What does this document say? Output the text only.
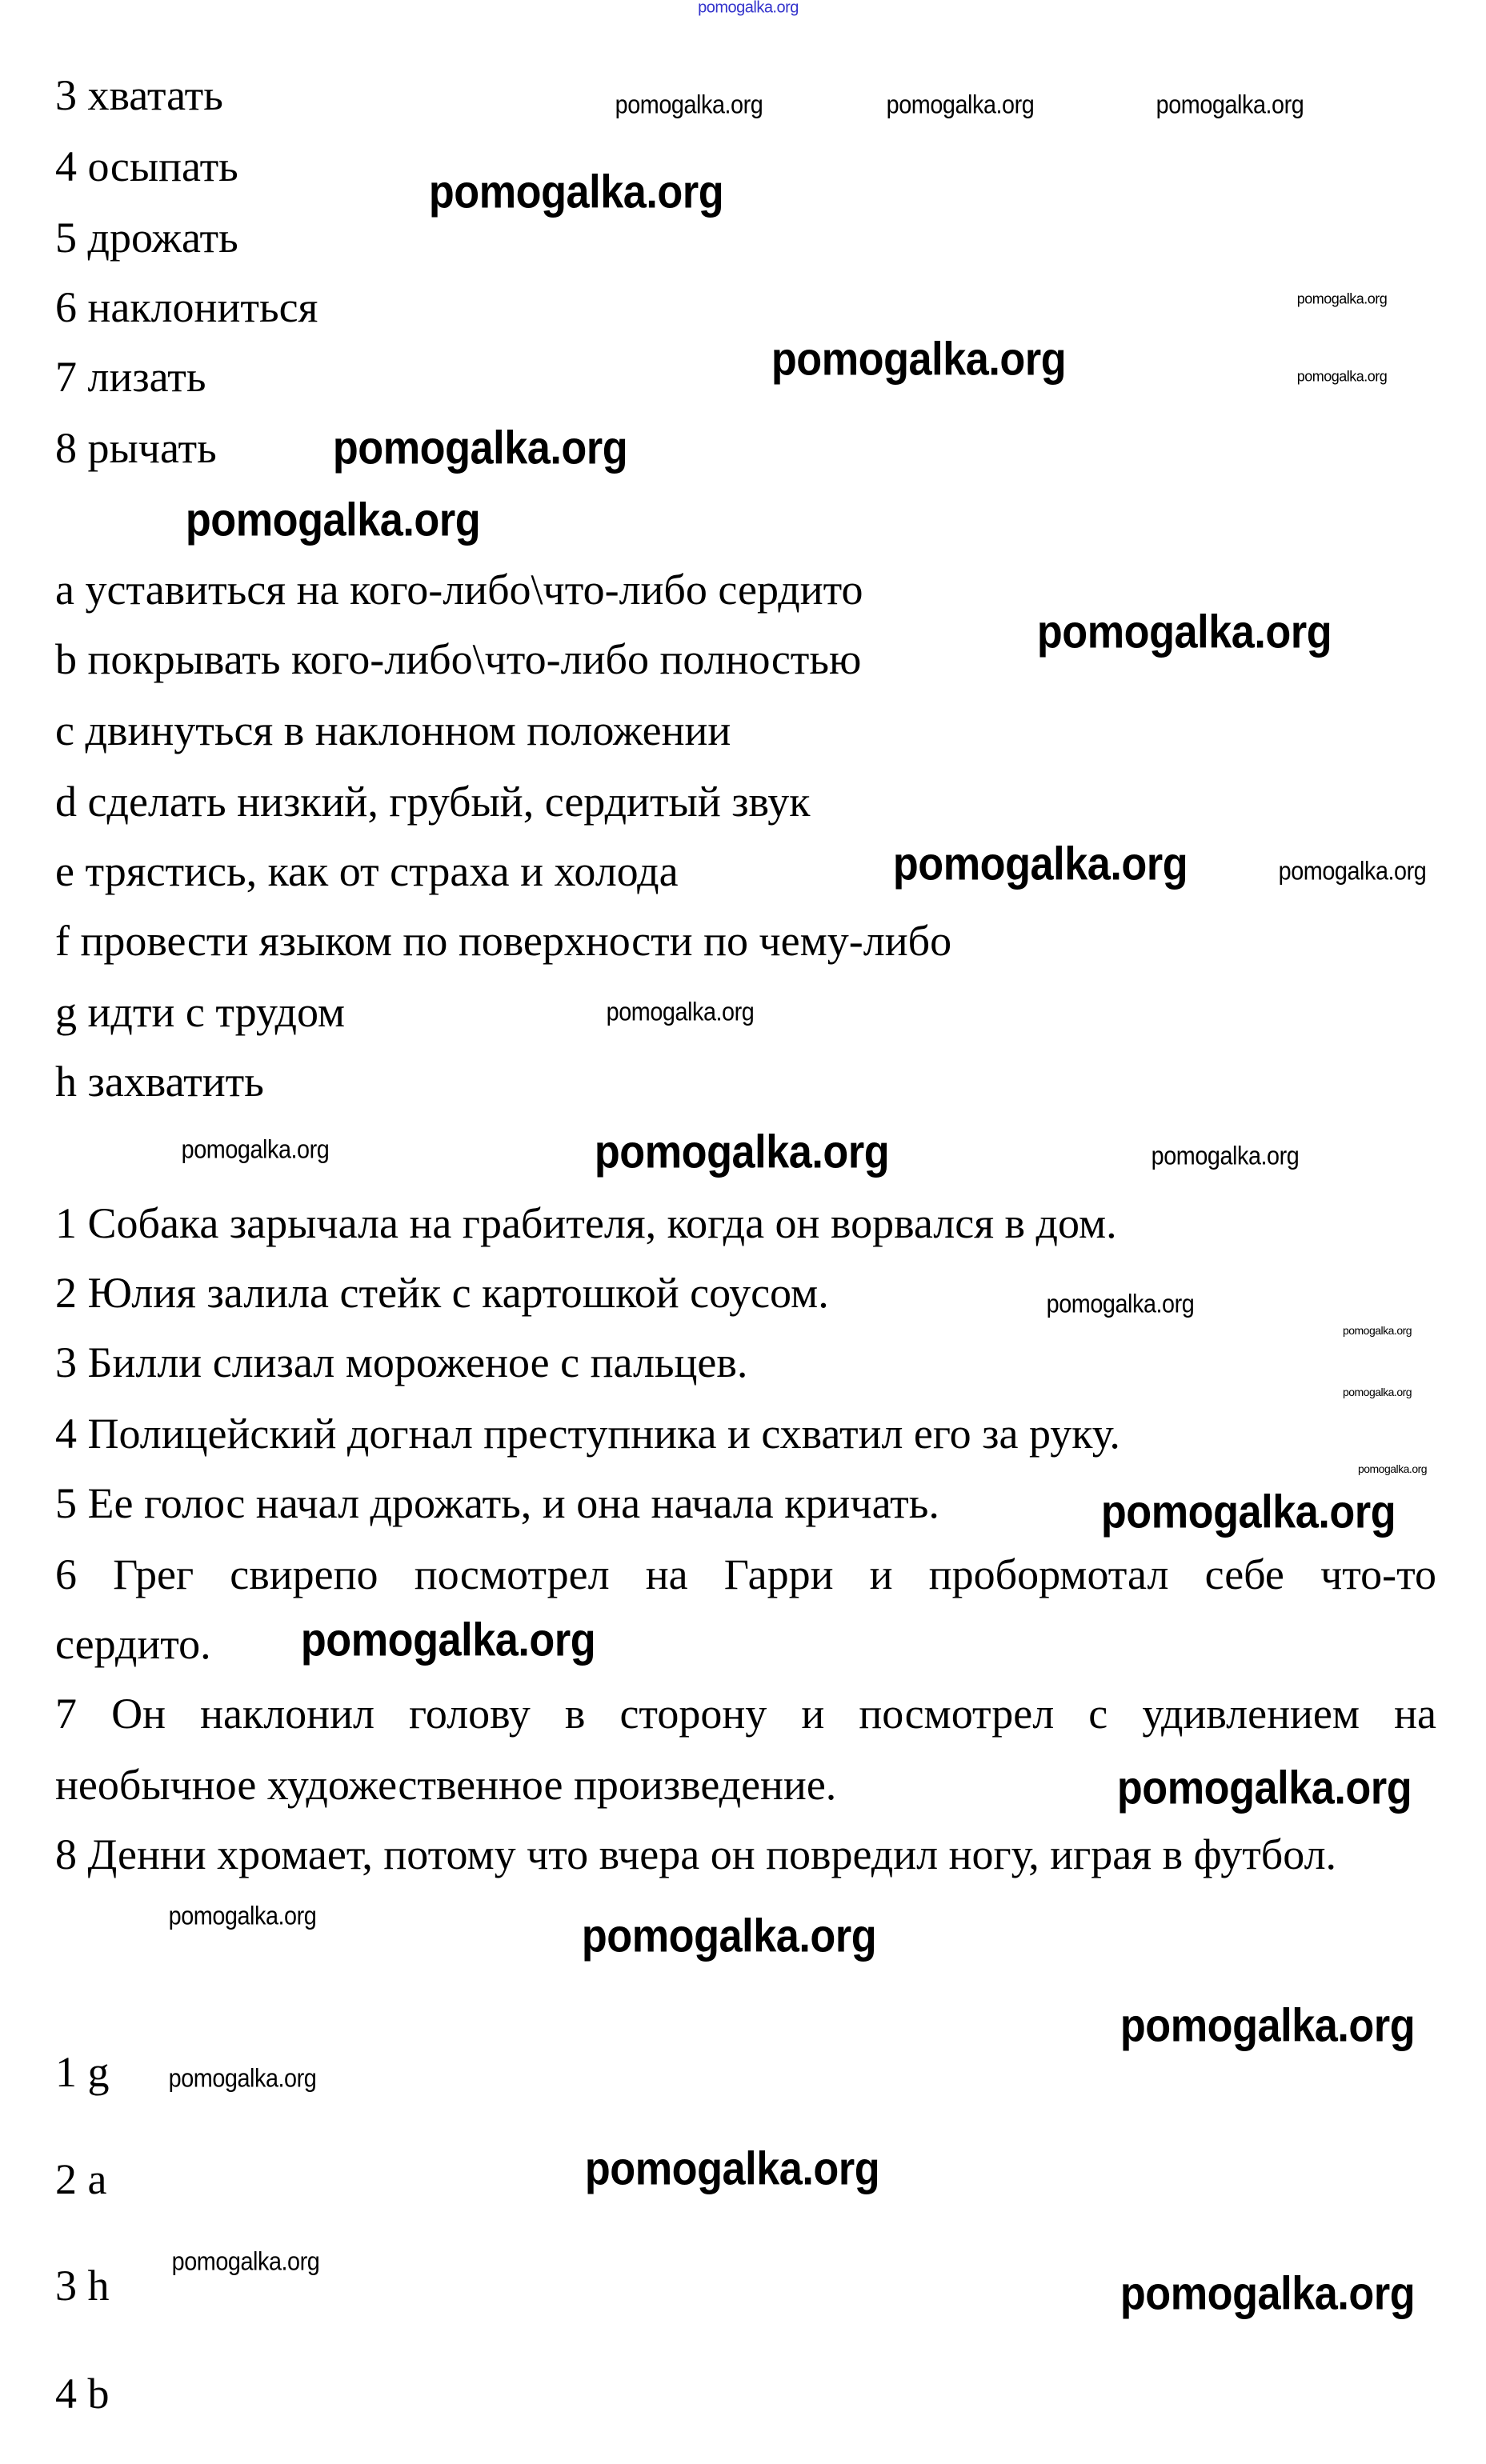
3 хватать
4 осыпать
5 дрожать
6 наклониться
7 лизать
8 рычать
a уставиться на кого-либо\что-либо сердито
b покрывать кого-либо\что-либо полностью
c двинуться в наклонном положении
d сделать низкий, грубый, сердитый звук
e трястись, как от страха и холода
f провести языком по поверхности по чему-либо
g идти с трудом
h захватить
1 Собака зарычала на грабителя, когда он ворвался в дом.
2 Юлия залила стейк с картошкой соусом.
3 Билли слизал мороженое с пальцев.
4 Полицейский догнал преступника и схватил его за руку.
5 Ее голос начал дрожать, и она начала кричать.
6 Грег свирепо посмотрел на Гарри и пробормотал себе что-то
сердито.
7 Он наклонил голову в сторону и посмотрел с удивлением на
необычное художественное произведение.
8 Денни хромает, потому что вчера он повредил ногу, играя в футбол.
1 g
2 a
3 h
4 b
pomogalka.org
pomogalka.org	pomogalka.org	pomogalka.org
pomogalka.org
pomogalka.org
pomogalka.org	pomogalka.org
pomogalka.org
pomogalka.org
pomogalka.org
pomogalka.org	pomogalka.org
pomogalka.org
pomogalka.org	pomogalka.org
pomogalka.org
pomogalka.org
pomogalka.org
pomogalka.org
pomogalka.org
pomogalka.org
pomogalka.org
pomogalka.org
pomogalka.org	pomogalka.org
pomogalka.org
pomogalka.org
pomogalka.org
pomogalka.org
pomogalka.org
